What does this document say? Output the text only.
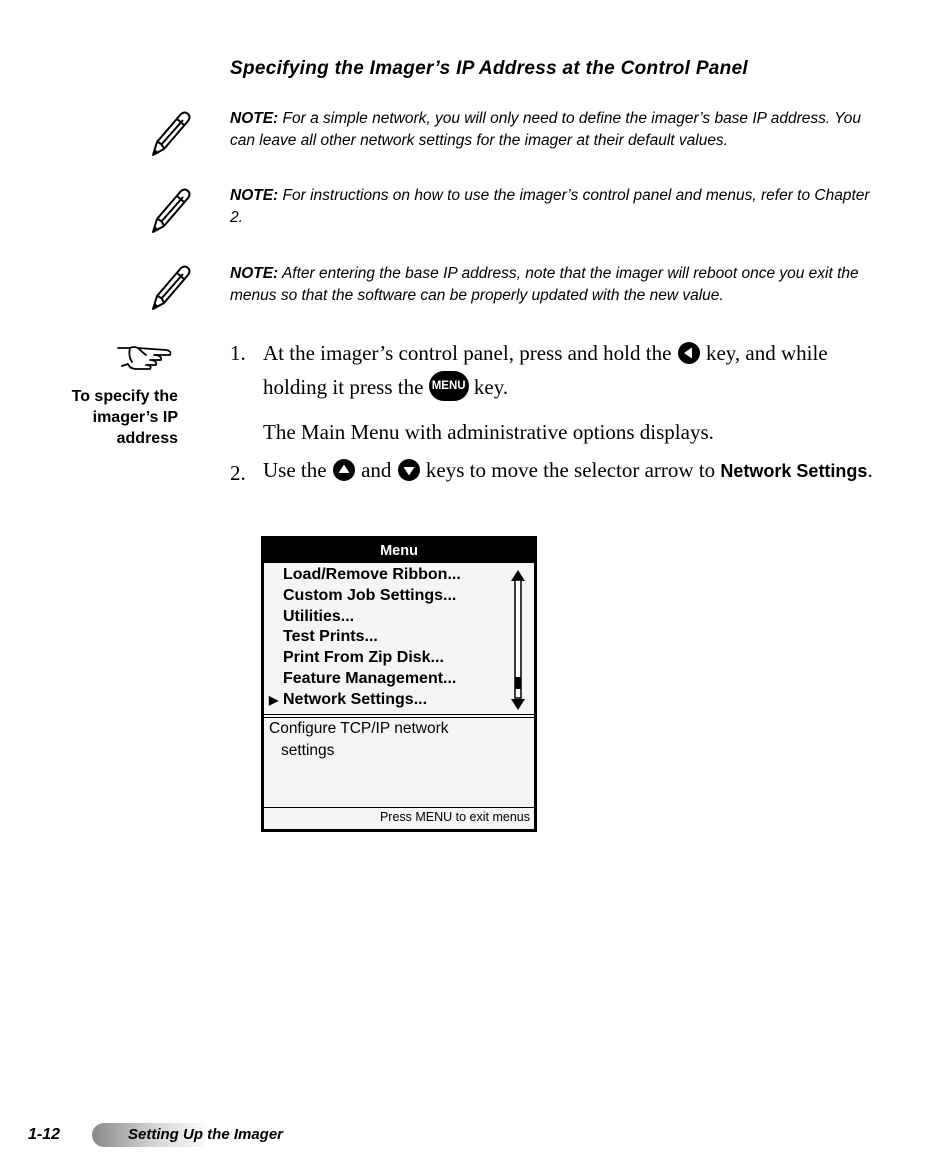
Specifying the Imager’s IP Address at the Control Panel
NOTE: For a simple network, you will only need to define the imager’s base IP address. You can leave all other network settings for the imager at their default values.
NOTE: For instructions on how to use the imager’s control panel and menus, refer to Chapter 2.
NOTE: After entering the base IP address, note that the imager will reboot once you exit the menus so that the software can be properly updated with the new value.
To specify the imager’s IP address
1. At the imager’s control panel, press and hold the  key, and while holding it press the MENU key.
The Main Menu with administrative options displays.
2. Use the  and  keys to move the selector arrow to Network Settings.
Menu
Load/Remove Ribbon...
Custom Job Settings...
Utilities...
Test Prints...
Print From Zip Disk...
Feature Management...
▶ Network Settings...
Configure TCP/IP network
settings
Press MENU to exit menus
1-12	Setting Up the Imager
